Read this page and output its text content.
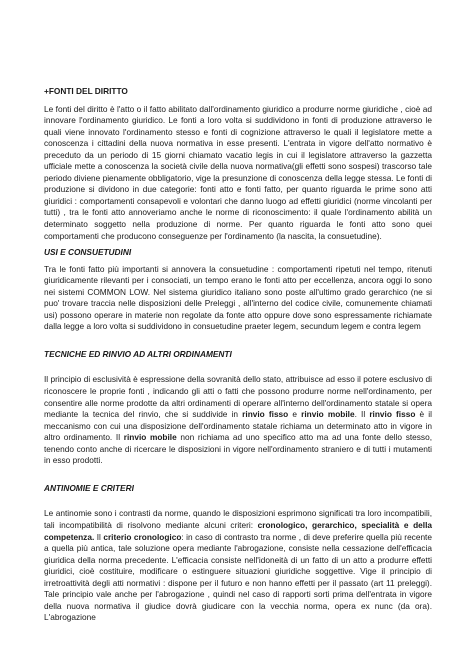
+FONTI DEL DIRITTO

Le fonti del diritto è l'atto o il fatto abilitato dall'ordinamento giuridico a produrre norme giuridiche , cioè ad innovare l'ordinamento giuridico. Le fonti a loro volta si suddividono in fonti di produzione attraverso le quali viene innovato l'ordinamento stesso e fonti di cognizione attraverso le quali il legislatore mette a conoscenza i cittadini della nuova normativa in esse presenti. L'entrata in vigore dell'atto normativo è preceduto da un periodo di 15 giorni chiamato vacatio legis in cui il legislatore attraverso la gazzetta ufficiale mette a conoscenza la società civile della nuova normativa(gli effetti sono sospesi) trascorso tale periodo diviene pienamente obbligatorio, vige la presunzione di conoscenza della legge stessa. Le fonti di produzione si dividono in due categorie: fonti atto e fonti fatto, per quanto riguarda le prime sono atti giuridici : comportamenti consapevoli e volontari che danno luogo ad effetti giuridici (norme vincolanti per tutti) , tra le fonti atto annoveriamo anche le norme di riconoscimento: il quale l'ordinamento abilità un determinato soggetto nella produzione di norme. Per quanto riguarda le fonti atto sono quei comportamenti che producono conseguenze per l'ordinamento (la nascita, la consuetudine).

USI E CONSUETUDINI

Tra le fonti fatto più importanti si annovera la consuetudine : comportamenti ripetuti nel tempo, ritenuti giuridicamente rilevanti per i consociati, un tempo erano le fonti atto per eccellenza, ancora oggi lo sono nei sistemi COMMON LOW. Nel sistema giuridico italiano sono poste all'ultimo grado gerarchico (ne si puo' trovare traccia nelle disposizioni delle Preleggi , all'interno del codice civile, comunemente chiamati usi) possono operare in materie non regolate da fonte atto oppure dove sono espressamente richiamate dalla legge a loro volta si suddividono in consuetudine praeter legem, secundum legem e contra legem

TECNICHE ED RINVIO AD ALTRI ORDINAMENTI

Il principio di esclusività è espressione della sovranità dello stato, attribuisce ad esso il potere esclusivo di riconoscere le proprie fonti , indicando gli atti o fatti che possono produrre norme nell'ordinamento, per consentire alle norme prodotte da altri ordinamenti di operare all'interno dell'ordinamento statale si opera mediante la tecnica del rinvio, che si suddivide in rinvio fisso e rinvio mobile. Il rinvio fisso è il meccanismo con cui una disposizione dell'ordinamento statale richiama un determinato atto in vigore in altro ordinamento. Il rinvio mobile non richiama ad uno specifico atto ma ad una fonte dello stesso, tenendo conto anche di ricercare le disposizioni in vigore nell'ordinamento straniero e di tutti i mutamenti in esso prodotti.

ANTINOMIE E CRITERI

Le antinomie sono i contrasti da norme, quando le disposizioni esprimono significati tra loro incompatibili, tali incompatibilità di risolvono mediante alcuni criteri: cronologico, gerarchico, specialità e della competenza. Il criterio cronologico: in caso di contrasto tra norme , di deve preferire quella più recente a quella più antica, tale soluzione opera mediante l'abrogazione, consiste nella cessazione dell'efficacia giuridica della norma precedente. L'efficacia consiste nell'idoneità di un fatto di un atto a produrre effetti giuridici, cioè costituire, modificare o estinguere situazioni giuridiche soggettive. Vige il principio di irretroattività degli atti normativi : dispone per il futuro e non hanno effetti per il passato (art 11 preleggi). Tale principio vale anche per l'abrogazione , quindi nel caso di rapporti sorti prima dell'entrata in vigore della nuova normativa il giudice dovrà giudicare con la vecchia norma, opera ex nunc (da ora). L'abrogazione
